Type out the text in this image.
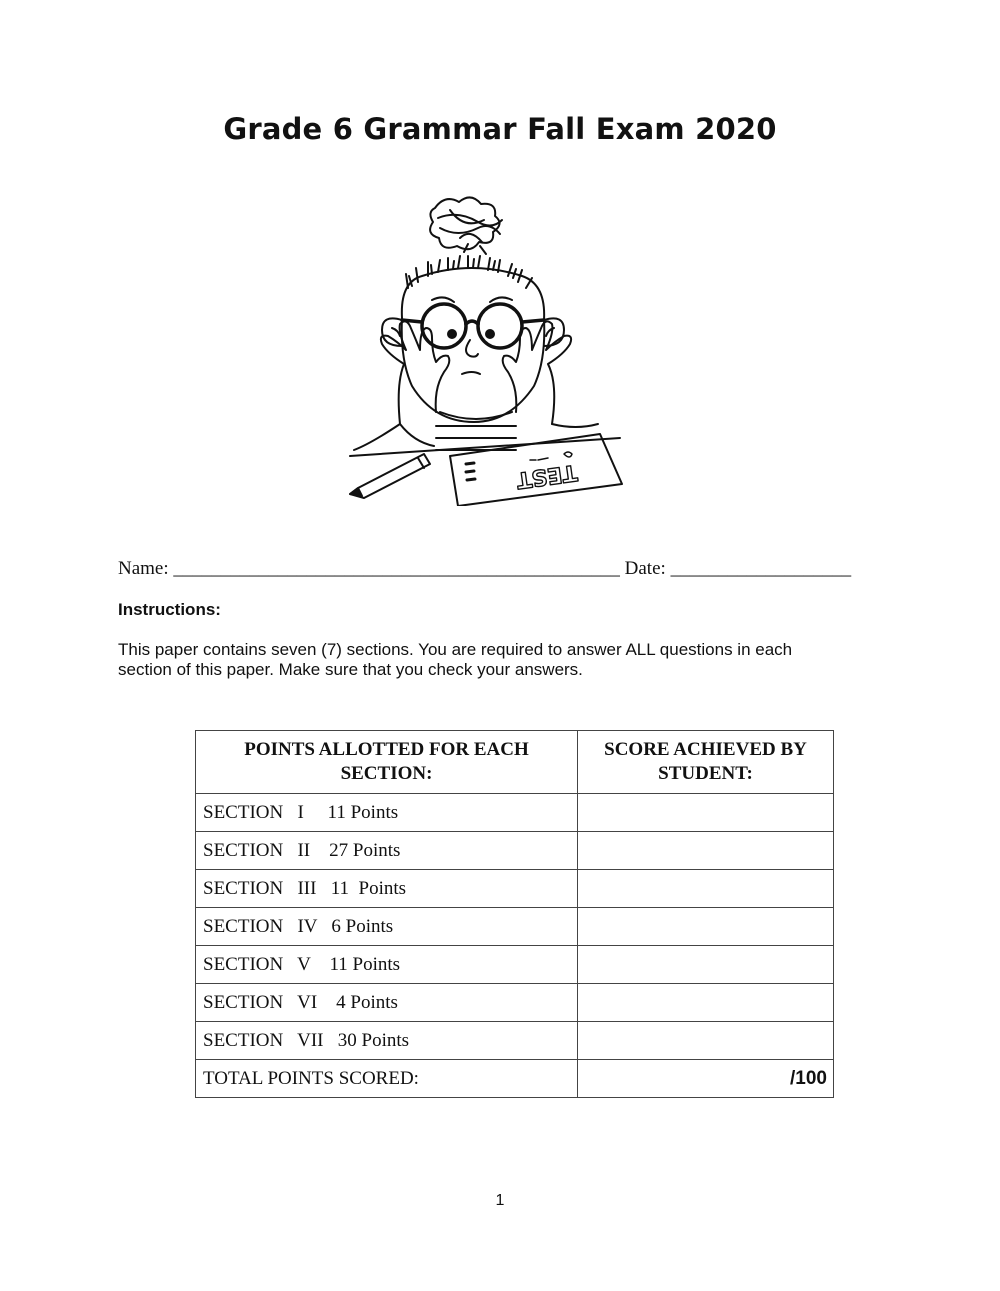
Grade 6 Grammar Fall Exam 2020
TEST
Name: _______________________________________________ Date: ___________________
Instructions:
This paper contains seven (7) sections. You are required to answer ALL questions in each section of this paper. Make sure that you check your answers.
POINTS ALLOTTED FOR EACH SECTION:	SCORE ACHIEVED BY STUDENT:
SECTION   I     11 Points	
SECTION   II    27 Points	
SECTION   III   11  Points	
SECTION   IV   6 Points	
SECTION   V    11 Points	
SECTION   VI    4 Points	
SECTION   VII   30 Points	
TOTAL POINTS SCORED:	/100
1
